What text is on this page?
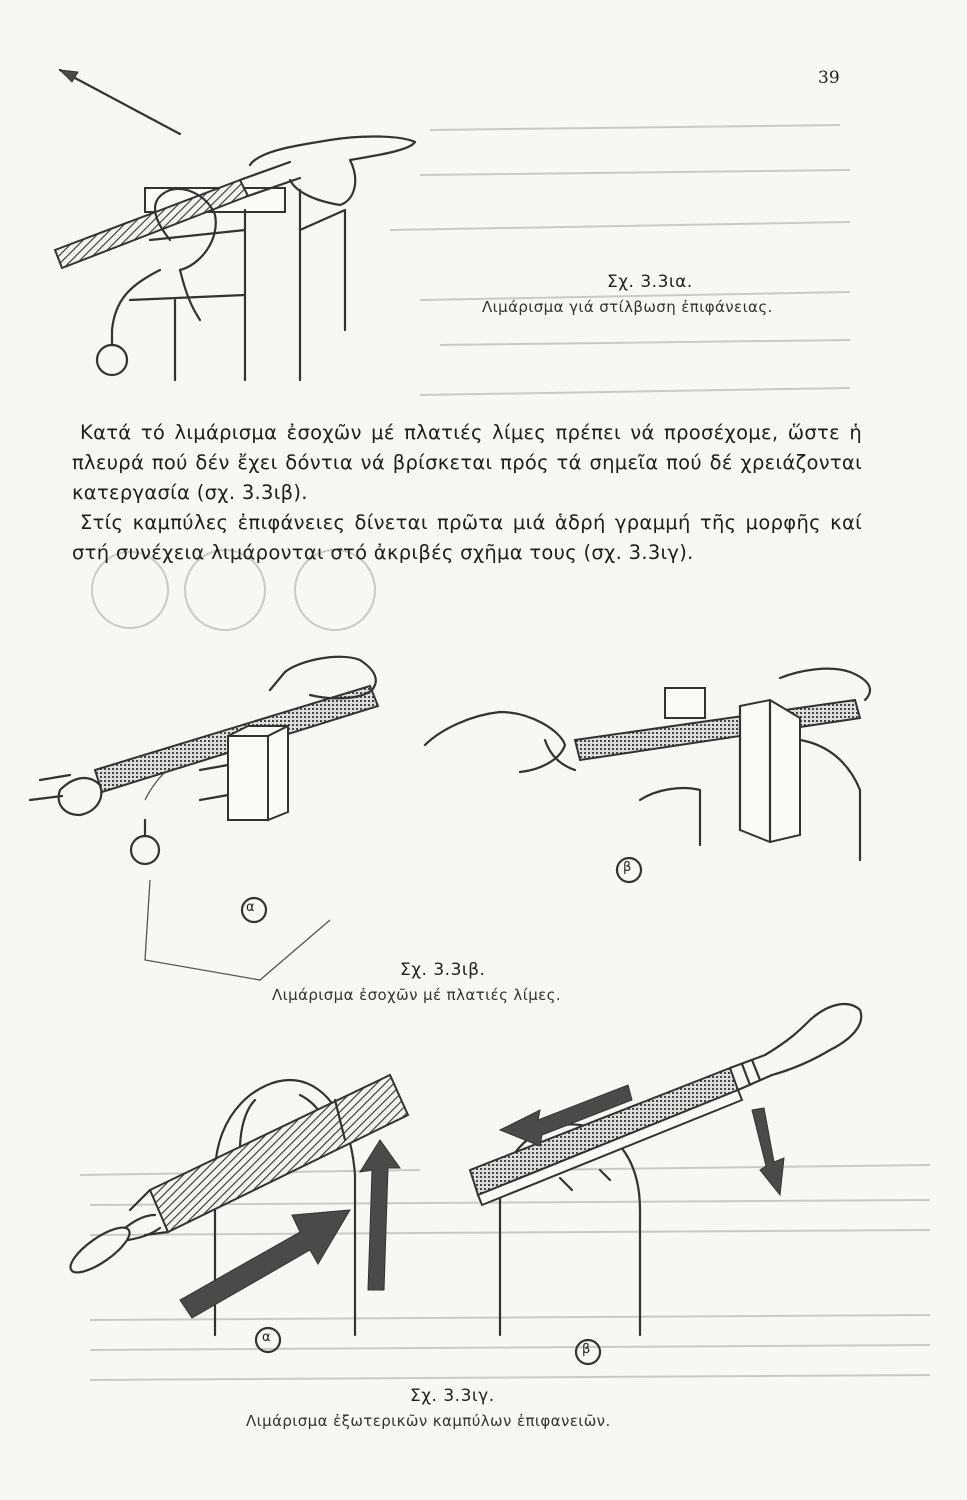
39
Σχ. 3.3ια.
Λιμάρισμα γιά στίλβωση ἐπιφάνειας.

Κατά τό λιμάρισμα ἐσοχῶν μέ πλατιές λίμες πρέπει νά προσέχομε, ὥστε ἡ πλευρά πού δέν ἔχει δόντια νά βρίσκεται πρός τά σημεῖα πού δέ χρειάζονται κατεργασία (σχ. 3.3ιβ).

Στίς καμπύλες ἐπιφάνειες δίνεται πρῶτα μιά ἁδρή γραμμή τῆς μορφῆς καί στή συνέχεια λιμάρονται στό ἀκριβές σχῆμα τους (σχ. 3.3ιγ).

α
β
Σχ. 3.3ιβ.
Λιμάρισμα ἐσοχῶν μέ πλατιές λίμες.
α
β
Σχ. 3.3ιγ.
Λιμάρισμα ἐξωτερικῶν καμπύλων ἐπιφανειῶν.
